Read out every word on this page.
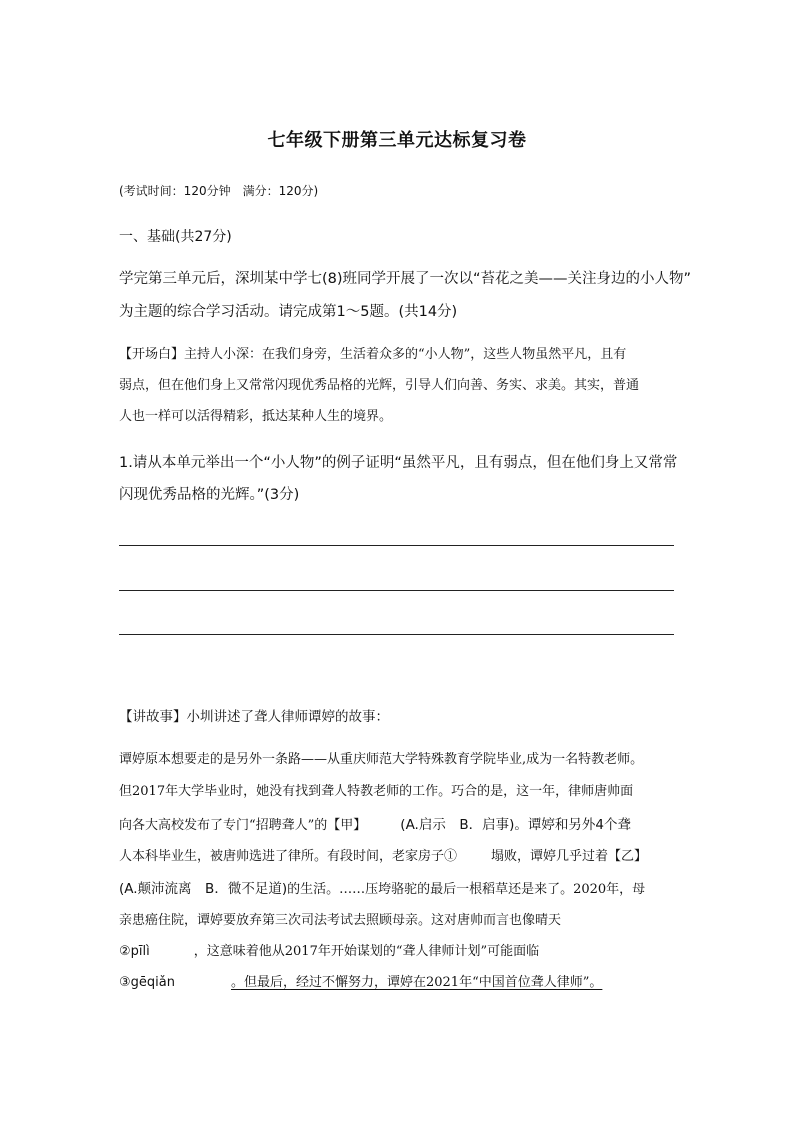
七年级下册第三单元达标复习卷
(考试时间：120分钟　满分：120分)
一、基础(共27分)
学完第三单元后，深圳某中学七(8)班同学开展了一次以“苔花之美——关注身边的小人物”
为主题的综合学习活动。请完成第1～5题。(共14分)
【开场白】主持人小深：在我们身旁，生活着众多的“小人物”，这些人物虽然平凡，且有
弱点，但在他们身上又常常闪现优秀品格的光辉，引导人们向善、务实、求美。其实，普通
人也一样可以活得精彩，抵达某种人生的境界。
1.请从本单元举出一个“小人物”的例子证明“虽然平凡，且有弱点，但在他们身上又常常
闪现优秀品格的光辉。”(3分)
【讲故事】小圳讲述了聋人律师谭婷的故事：
谭婷原本想要走的是另外一条路——从重庆师范大学特殊教育学院毕业,成为一名特教老师。
但2017年大学毕业时，她没有找到聋人特教老师的工作。巧合的是，这一年，律师唐帅面
向各大高校发布了专门“招聘聋人”的【甲】	(A.启示　B．启事)。谭婷和另外4个聋
人本科毕业生，被唐帅选进了律所。有段时间，老家房子①	塌败，谭婷几乎过着【乙】
(A.颠沛流离　B．微不足道)的生活。……压垮骆驼的最后一根稻草还是来了。2020年，母
亲患癌住院，谭婷要放弃第三次司法考试去照顾母亲。这对唐帅而言也像晴天
②pīlì	，这意味着他从2017年开始谋划的“聋人律师计划”可能面临
③gēqiǎn	。但最后，经过不懈努力，谭婷在2021年“中国首位聋人律师”。
